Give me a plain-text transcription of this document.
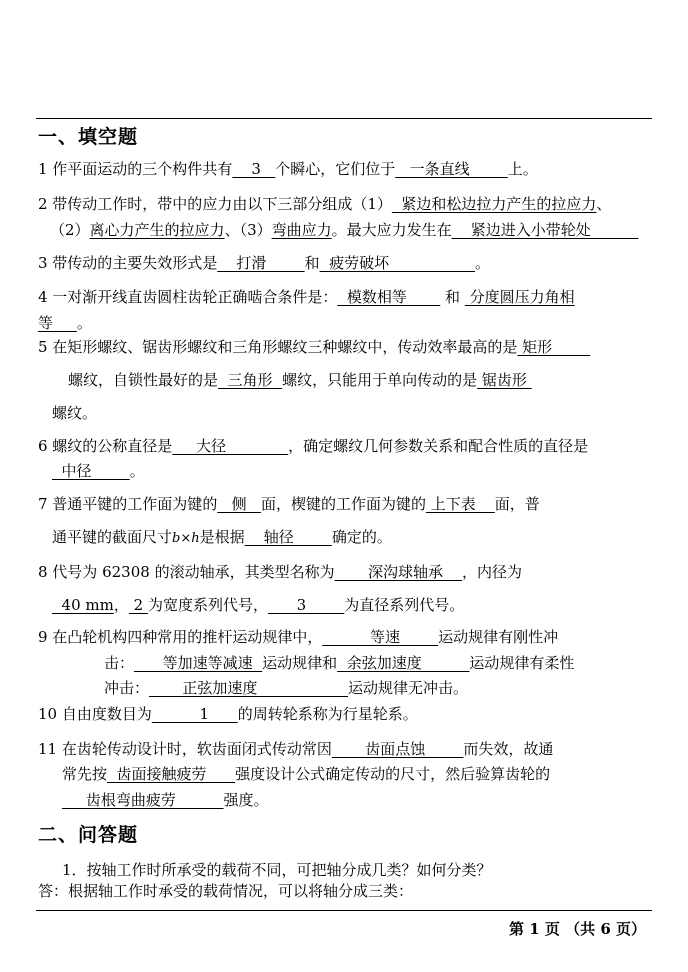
一、填空题
1 作平面运动的三个构件共有    3   个瞬心，它们位于   一条直线        上。
2 带传动工作时，带中的应力由以下三部分组成（1）  紧边和松边拉力产生的拉应力、
（2）离心力产生的拉应力、（3）弯曲应力。最大应力发生在    紧边进入小带轮处
3 带传动的主要失效形式是    打滑        和  疲劳破坏                  。
4 一对渐开线直齿圆柱齿轮正确啮合条件是：  模数相等        和  分度圆压力角相
等     。
5 在矩形螺纹、锯齿形螺纹和三角形螺纹三种螺纹中，传动效率最高的是 矩形
螺纹，自锁性最好的是  三角形  螺纹，只能用于单向传动的是 锯齿形
螺纹。
6 螺纹的公称直径是     大径             ，确定螺纹几何参数关系和配合性质的直径是
中径        。
7 普通平键的工作面为键的   侧   面，楔键的工作面为键的 上下表    面，普
通平键的截面尺寸b×h是根据    轴径        确定的。
8 代号为 62308 的滚动轴承，其类型名称为       深沟球轴承    ，内径为
40 mm， 2 为宽度系列代号，      3        为直径系列代号。
9 在凸轮机构四种常用的推杆运动规律中，          等速        运动规律有刚性冲
击：      等加速等减速  运动规律和  余弦加速度          运动规律有柔性
冲击：       正弦加速度                   运动规律无冲击。
10 自由度数目为          1      的周转轮系称为行星轮系。
11 在齿轮传动设计时，软齿面闭式传动常因       齿面点蚀        而失效，故通
常先按  齿面接触疲劳      强度设计公式确定传动的尺寸，然后验算齿轮的
齿根弯曲疲劳          强度。
二、问答题
1．按轴工作时所承受的载荷不同，可把轴分成几类？如何分类？
答：根据轴工作时承受的载荷情况，可以将轴分成三类：
第 1 页 （共 6 页）
